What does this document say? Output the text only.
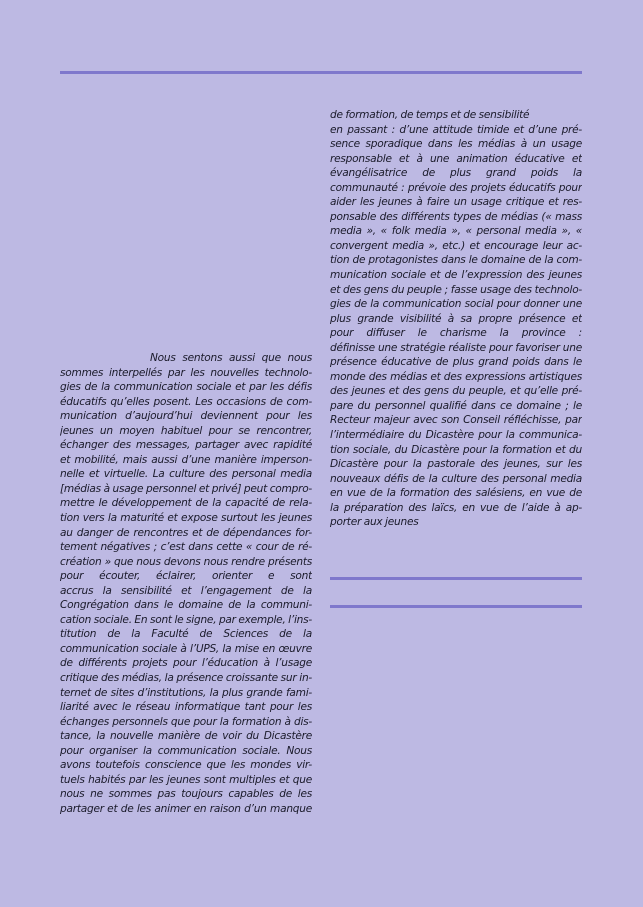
Nous sentons aussi que nous
sommes interpellés par les nouvelles technolo-
gies de la communication sociale et par les défis
éducatifs qu’elles posent. Les occasions de com-
munication d’aujourd’hui deviennent pour les
jeunes un moyen habituel pour se rencontrer,
échanger des messages, partager avec rapidité
et mobilité, mais aussi d’une manière imperson-
nelle et virtuelle. La culture des personal media
[médias à usage personnel et privé] peut compro-
mettre le développement de la capacité de rela-
tion vers la maturité et expose surtout les jeunes
au danger de rencontres et de dépendances for-
tement négatives ; c’est dans cette « cour de ré-
création » que nous devons nous rendre présents
pour écouter, éclairer, orienter e sont
accrus la sensibilité et l’engagement de la
Congrégation dans le domaine de la communi-
cation sociale. En sont le signe, par exemple, l’ins-
titution de la Faculté de Sciences de la
communication sociale à l’UPS, la mise en œuvre
de différents projets pour l’éducation à l’usage
critique des médias, la présence croissante sur in-
ternet de sites d’institutions, la plus grande fami-
liarité avec le réseau informatique tant pour les
échanges personnels que pour la formation à dis-
tance, la nouvelle manière de voir du Dicastère
pour organiser la communication sociale. Nous
avons toutefois conscience que les mondes vir-
tuels habités par les jeunes sont multiples et que
nous ne sommes pas toujours capables de les
partager et de les animer en raison d’un manque
de formation, de temps et de sensibilité
en passant : d’une attitude timide et d’une pré-
sence sporadique dans les médias à un usage
responsable et à une animation éducative et
évangélisatrice de plus grand poids la
communauté : prévoie des projets éducatifs pour
aider les jeunes à faire un usage critique et res-
ponsable des différents types de médias (« mass
media », « folk media », « personal media », «
convergent media », etc.) et encourage leur ac-
tion de protagonistes dans le domaine de la com-
munication sociale et de l’expression des jeunes
et des gens du peuple ; fasse usage des technolo-
gies de la communication social pour donner une
plus grande visibilité à sa propre présence et
pour diffuser le charisme la province :
définisse une stratégie réaliste pour favoriser une
présence éducative de plus grand poids dans le
monde des médias et des expressions artistiques
des jeunes et des gens du peuple, et qu’elle pré-
pare du personnel qualifié dans ce domaine ; le
Recteur majeur avec son Conseil réfléchisse, par
l’intermédiaire du Dicastère pour la communica-
tion sociale, du Dicastère pour la formation et du
Dicastère pour la pastorale des jeunes, sur les
nouveaux défis de la culture des personal media
en vue de la formation des salésiens, en vue de
la préparation des laïcs, en vue de l’aide à ap-
porter aux jeunes
